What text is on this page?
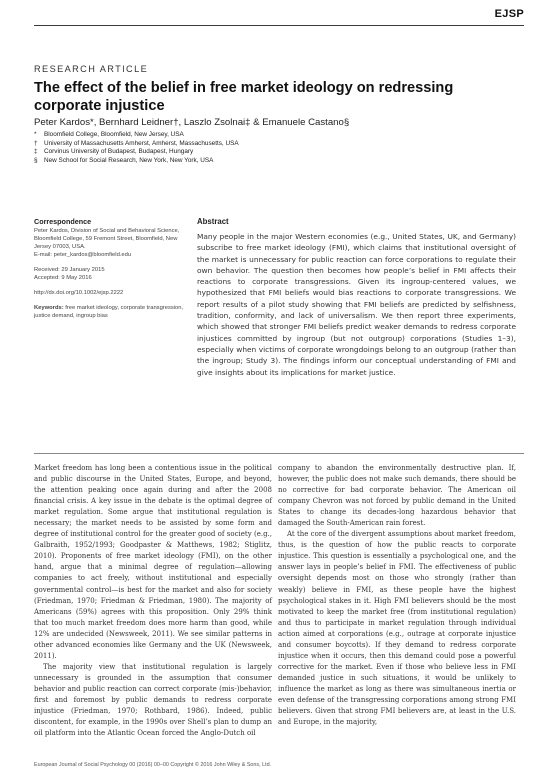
EJSP
RESEARCH ARTICLE
The effect of the belief in free market ideology on redressing corporate injustice
Peter Kardos*, Bernhard Leidner†, Laszlo Zsolnai‡ & Emanuele Castano§
* Bloomfield College, Bloomfield, New Jersey, USA
† University of Massachusetts Amherst, Amherst, Massachusetts, USA
‡ Corvinus University of Budapest, Budapest, Hungary
§ New School for Social Research, New York, New York, USA
Correspondence
Peter Kardos, Division of Social and Behavioral Science, Bloomfield College, 59 Fremont Street, Bloomfield, New Jersey 07003, USA.
E-mail: peter_kardos@bloomfield.edu
Received: 29 January 2015
Accepted: 9 May 2016
http://dx.doi.org/10.1002/ejsp.2222
Keywords: free market ideology, corporate transgression, justice demand, ingroup bias
Abstract

Many people in the major Western economies (e.g., United States, UK, and Germany) subscribe to free market ideology (FMI), which claims that institutional oversight of the market is unnecessary for public reaction can force corporations to regulate their own behavior. The question then becomes how people’s belief in FMI affects their reactions to corporate transgressions. Given its ingroup-centered values, we hypothesized that FMI beliefs would bias reactions to corporate transgressions. We report results of a pilot study showing that FMI beliefs are predicted by selfishness, tradition, conformity, and lack of universalism. We then report three experiments, which showed that stronger FMI beliefs predict weaker demands to redress corporate injustices committed by ingroup (but not outgroup) corporations (Studies 1–3), especially when victims of corporate wrongdoings belong to an outgroup (rather than the ingroup; Study 3). The findings inform our conceptual understanding of FMI and give insights about its implications for market justice.

Market freedom has long been a contentious issue in the political and public discourse in the United States, Europe, and beyond, the attention peaking once again during and after the 2008 financial crisis. A key issue in the debate is the optimal degree of market regulation. Some argue that institutional regulation is necessary; the market needs to be assisted by some form and degree of institutional control for the greater good of society (e.g., Galbraith, 1952/1993; Goodpaster & Matthews, 1982; Stiglitz, 2010). Proponents of free market ideology (FMI), on the other hand, argue that a minimal degree of regulation—allowing companies to act freely, without institutional and especially governmental control—is best for the market and also for society (Friedman, 1970; Friedman & Friedman, 1980). The majority of Americans (59%) agrees with this proposition. Only 29% think that too much market freedom does more harm than good, while 12% are undecided (Newsweek, 2011). We see similar patterns in other advanced economies like Germany and the UK (Newsweek, 2011).

The majority view that institutional regulation is largely unnecessary is grounded in the assumption that consumer behavior and public reaction can correct corporate (mis-)behavior, first and foremost by public demands to redress corporate injustice (Friedman, 1970; Rothbard, 1986). Indeed, public discontent, for example, in the 1990s over Shell’s plan to dump an oil platform into the Atlantic Ocean forced the Anglo-Dutch oil

company to abandon the environmentally destructive plan. If, however, the public does not make such demands, there should be no corrective for bad corporate behavior. The American oil company Chevron was not forced by public demand in the United States to change its decades-long hazardous behavior that damaged the South-American rain forest.

At the core of the divergent assumptions about market freedom, thus, is the question of how the public reacts to corporate injustice. This question is essentially a psychological one, and the answer lays in people’s belief in FMI. The effectiveness of public oversight depends most on those who strongly (rather than weakly) believe in FMI, as these people have the highest psychological stakes in it. High FMI believers should be the most motivated to keep the market free (from institutional regulation) and thus to participate in market regulation through individual action aimed at corporations (e.g., outrage at corporate injustice and consumer boycotts). If they demand to redress corporate injustice when it occurs, then this demand could pose a powerful corrective for the market. Even if those who believe less in FMI demanded justice in such situations, it would be unlikely to influence the market as long as there was simultaneous inertia or even defense of the transgressing corporations among strong FMI believers. Given that strong FMI believers are, at least in the U.S. and Europe, in the majority,

European Journal of Social Psychology 00 (2016) 00–00 Copyright © 2016 John Wiley & Sons, Ltd.
